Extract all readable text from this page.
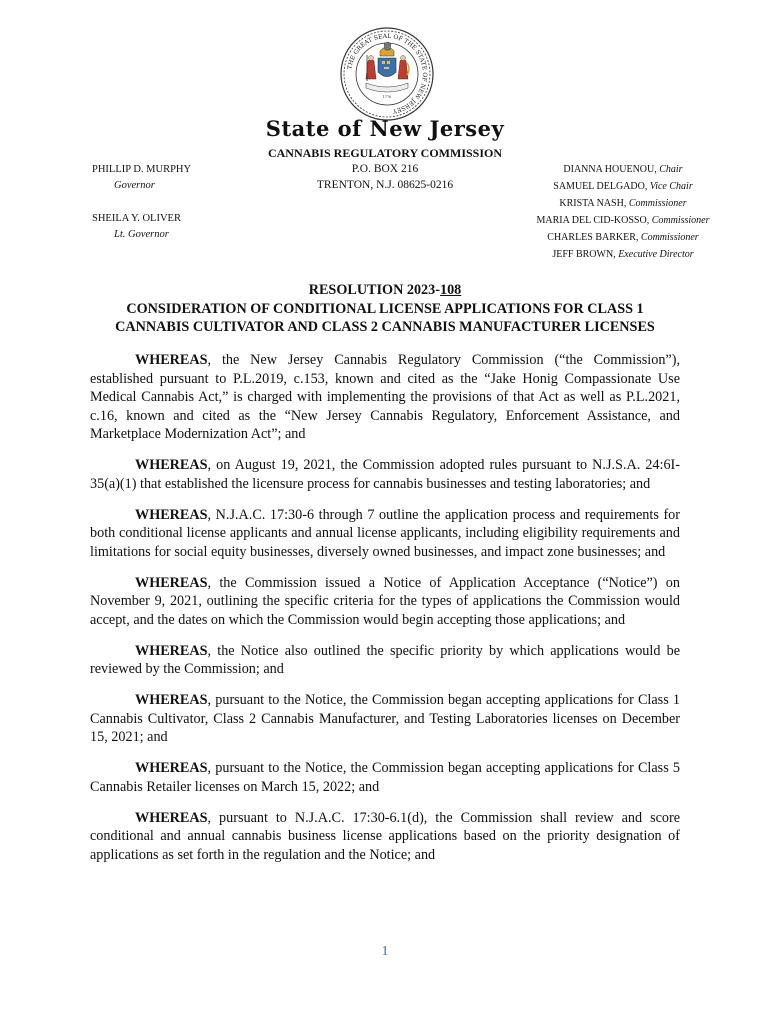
THE GREAT SEAL OF THE STATE OF NEW JERSEY
1776
State of New Jersey
CANNABIS REGULATORY COMMISSION
P.O. BOX 216
TRENTON, N.J. 08625-0216
PHILLIP D. MURPHY
Governor
SHEILA Y. OLIVER
Lt. Governor
DIANNA HOUENOU, Chair
SAMUEL DELGADO, Vice Chair
KRISTA NASH, Commissioner
MARIA DEL CID-KOSSO, Commissioner
CHARLES BARKER, Commissioner
JEFF BROWN, Executive Director
RESOLUTION 2023-108
CONSIDERATION OF CONDITIONAL LICENSE APPLICATIONS FOR CLASS 1
CANNABIS CULTIVATOR AND CLASS 2 CANNABIS MANUFACTURER LICENSES

WHEREAS, the New Jersey Cannabis Regulatory Commission (“the Commission”), established pursuant to P.L.2019, c.153, known and cited as the “Jake Honig Compassionate Use Medical Cannabis Act,” is charged with implementing the provisions of that Act as well as P.L.2021, c.16, known and cited as the “New Jersey Cannabis Regulatory, Enforcement Assistance, and Marketplace Modernization Act”; and

WHEREAS, on August 19, 2021, the Commission adopted rules pursuant to N.J.S.A. 24:6I-35(a)(1) that established the licensure process for cannabis businesses and testing laboratories; and

WHEREAS, N.J.A.C. 17:30-6 through 7 outline the application process and requirements for both conditional license applicants and annual license applicants, including eligibility requirements and limitations for social equity businesses, diversely owned businesses, and impact zone businesses; and

WHEREAS, the Commission issued a Notice of Application Acceptance (“Notice”) on November 9, 2021, outlining the specific criteria for the types of applications the Commission would accept, and the dates on which the Commission would begin accepting those applications; and

WHEREAS, the Notice also outlined the specific priority by which applications would be reviewed by the Commission; and

WHEREAS, pursuant to the Notice, the Commission began accepting applications for Class 1 Cannabis Cultivator, Class 2 Cannabis Manufacturer, and Testing Laboratories licenses on December 15, 2021; and

WHEREAS, pursuant to the Notice, the Commission began accepting applications for Class 5 Cannabis Retailer licenses on March 15, 2022; and

WHEREAS, pursuant to N.J.A.C. 17:30-6.1(d), the Commission shall review and score conditional and annual cannabis business license applications based on the priority designation of applications as set forth in the regulation and the Notice; and

1
